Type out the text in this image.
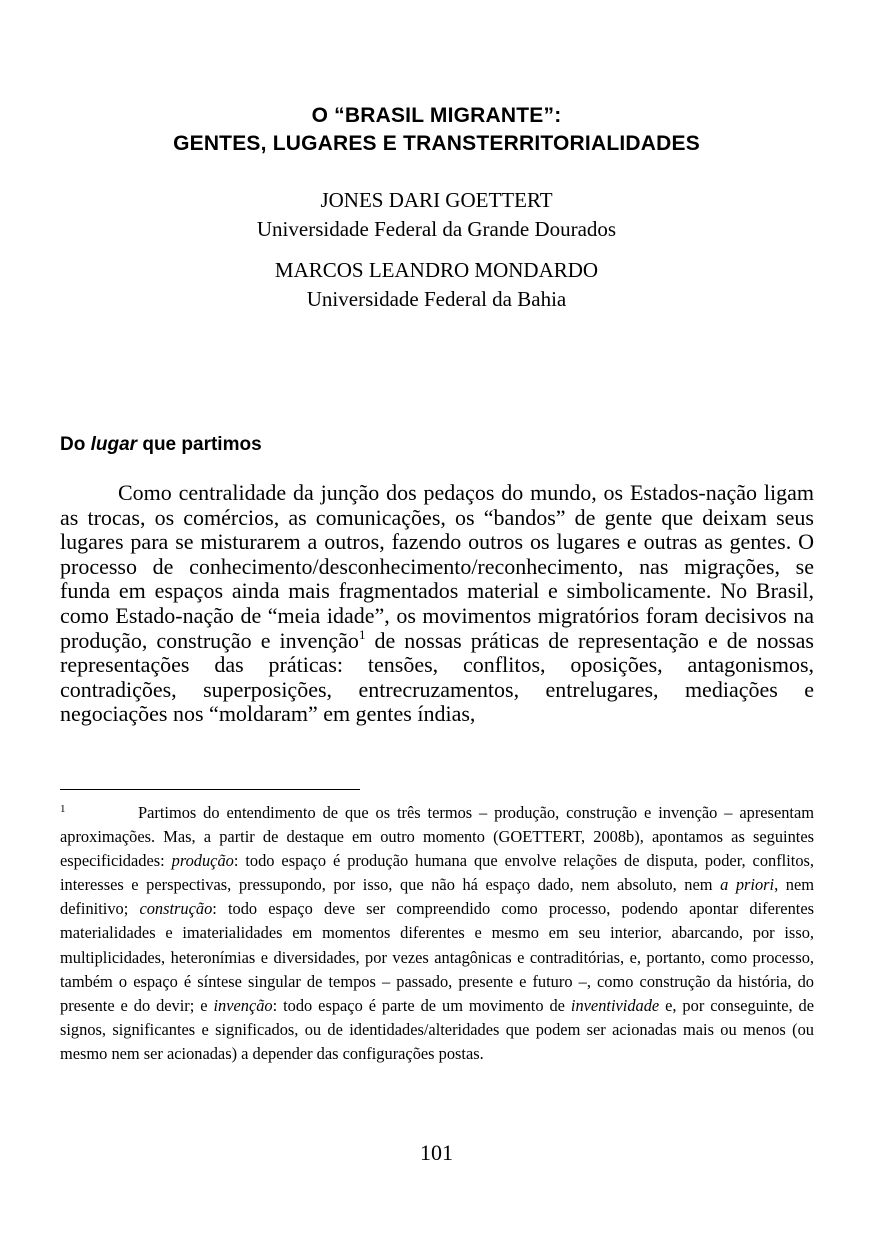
O “BRASIL MIGRANTE”:
GENTES, LUGARES E TRANSTERRITORIALIDADES
JONES DARI GOETTERT
Universidade Federal da Grande Dourados
MARCOS LEANDRO MONDARDO
Universidade Federal da Bahia
Do lugar que partimos

Como centralidade da junção dos pedaços do mundo, os Estados-nação ligam as trocas, os comércios, as comunicações, os “bandos” de gente que deixam seus lugares para se misturarem a outros, fazendo outros os lugares e outras as gentes. O processo de conhecimento/desconhecimento/reconhecimento, nas migrações, se funda em espaços ainda mais fragmentados material e simbolicamente. No Brasil, como Estado-nação de “meia idade”, os movimentos migratórios foram decisivos na produção, construção e invenção$^1$ de nossas práticas de representação e de nossas representações das práticas: tensões, conflitos, oposições, antagonismos, contradições, superposições, entrecruzamentos, entrelugares, mediações e negociações nos “moldaram” em gentes índias,

1	Partimos do entendimento de que os três termos – produção, construção e invenção – apresentam aproximações. Mas, a partir de destaque em outro momento (GOETTERT, 2008b), apontamos as seguintes especificidades: produção: todo espaço é produção humana que envolve relações de disputa, poder, conflitos, interesses e perspectivas, pressupondo, por isso, que não há espaço dado, nem absoluto, nem a priori, nem definitivo; construção: todo espaço deve ser compreendido como processo, podendo apontar diferentes materialidades e imaterialidades em momentos diferentes e mesmo em seu interior, abarcando, por isso, multiplicidades, heteronímias e diversidades, por vezes antagônicas e contraditórias, e, portanto, como processo, também o espaço é síntese singular de tempos – passado, presente e futuro –, como construção da história, do presente e do devir; e invenção: todo espaço é parte de um movimento de inventividade e, por conseguinte, de signos, significantes e significados, ou de identidades/alteridades que podem ser acionadas mais ou menos (ou mesmo nem ser acionadas) a depender das configurações postas.

101
